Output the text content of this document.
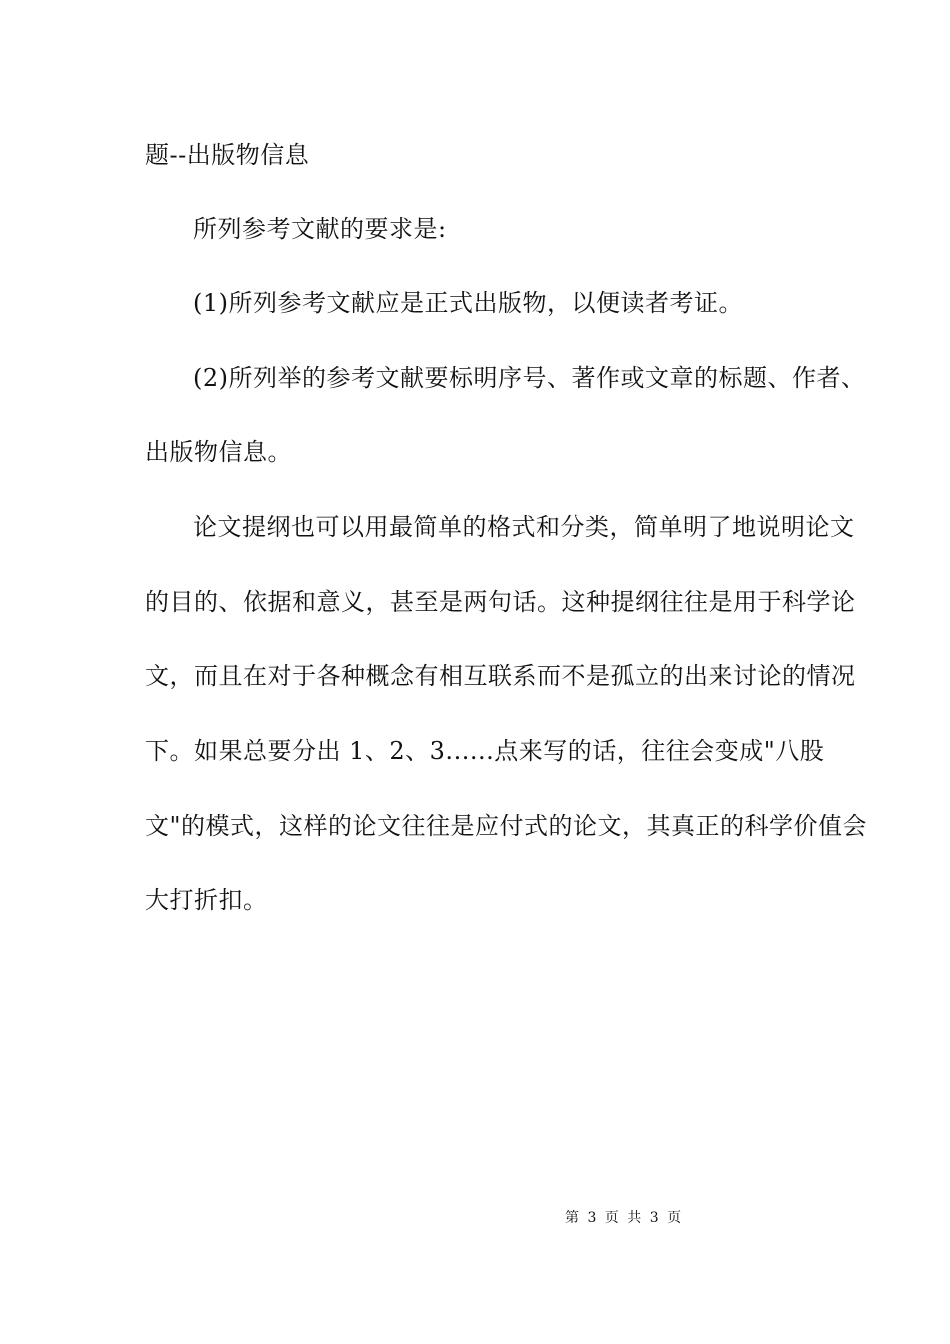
题--出版物信息
所列参考文献的要求是:
(1)所列参考文献应是正式出版物，以便读者考证。
(2)所列举的参考文献要标明序号、著作或文章的标题、作者、
出版物信息。
论文提纲也可以用最简单的格式和分类，简单明了地说明论文
的目的、依据和意义，甚至是两句话。这种提纲往往是用于科学论
文，而且在对于各种概念有相互联系而不是孤立的出来讨论的情况
下。如果总要分出 1、2、3......点来写的话，往往会变成"八股
文"的模式，这样的论文往往是应付式的论文，其真正的科学价值会
大打折扣。
第 3 页 共 3 页
